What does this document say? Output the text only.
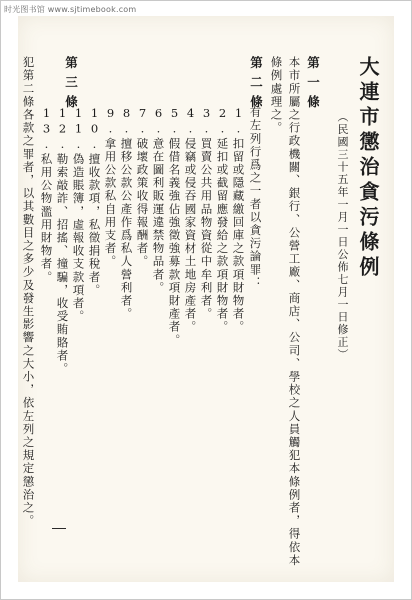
时光图书馆 www.sjtimebook.com
大連市懲治貪污條例
（民國三十五年一月一日公佈七月一日修正）
第一條
本市所屬之行政機關、銀行、公營工廠、商店、公司、學校之人員觸犯本條例者，得依本
條例處理之。
第二條
有左列行爲之一者以貪污論罪：
1.扣留或隱藏繳回庫之款項財物者。
2.延扣或截留應發給之款項財物者。
3.買賣公共用品物資從中牟利者。
4.侵竊或侵吞國家資材土地房產者。
5.假借名義強佔強徵強募款項財產者。
6.意在圖利販運違禁物品者。
7.破壞政策收得報酬者。
8.擅移公款公產作爲私人營利者。
9.拿用公款私自用支者。
10.擅收款項，私徵捐稅者。
11.偽造賬簿，虛報收支款項者。
12.勒索敲詐、招搖、撞騙，收受賄賂者。
13.私用公物濫用財物者。
第三條
犯第二條各款之罪者，以其數目之多少及發生影響之大小，依左列之規定懲治之。
